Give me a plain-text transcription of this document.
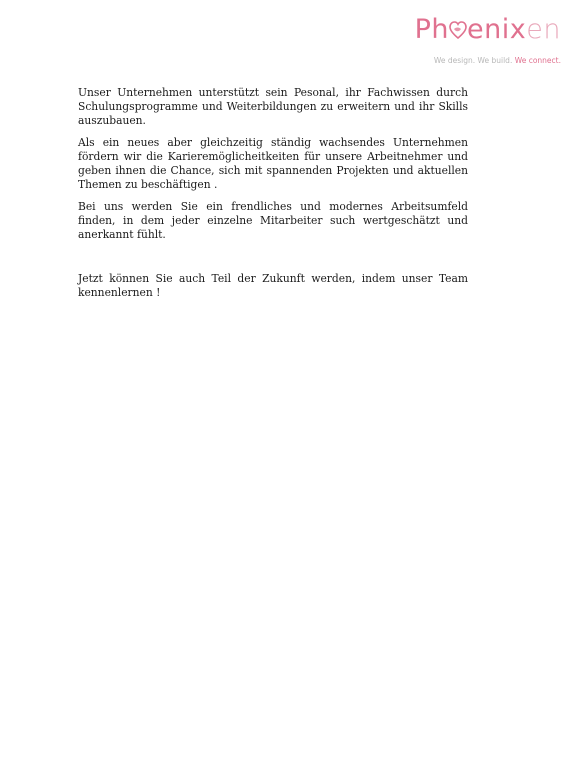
Ph enixen
We design. We build. We connect.

Unser Unternehmen unterstützt sein Pesonal, ihr Fachwissen durch Schulungsprogramme und Weiterbildungen zu erweitern und ihr Skills auszubauen.

Als ein neues aber gleichzeitig ständig wachsendes Unternehmen fördern wir die Karieremöglicheitkeiten für unsere Arbeitnehmer und geben ihnen die Chance, sich mit spannenden Projekten und aktuellen Themen zu beschäftigen .

Bei uns werden Sie ein frendliches und modernes Arbeitsumfeld finden, in dem jeder einzelne Mitarbeiter such wertgeschätzt und anerkannt fühlt.

Jetzt können Sie auch Teil der Zukunft werden, indem unser Team kennenlernen !
